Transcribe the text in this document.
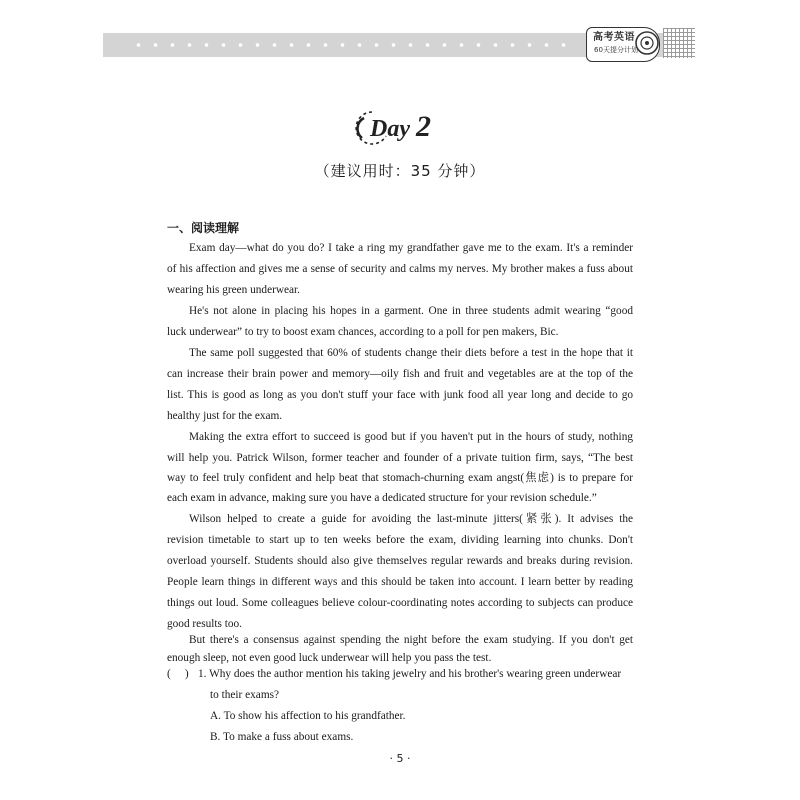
高考英语
60天提分计划
Day 2
（建议用时：35 分钟）
一、阅读理解
Exam day—what do you do? I take a ring my grandfather gave me to the exam. It's a reminder
of his affection and gives me a sense of security and calms my nerves. My brother makes a fuss about
wearing his green underwear.
He's not alone in placing his hopes in a garment. One in three students admit wearing “good
luck underwear” to try to boost exam chances, according to a poll for pen makers, Bic.
The same poll suggested that 60% of students change their diets before a test in the hope that it
can increase their brain power and memory—oily fish and fruit and vegetables are at the top of the
list. This is good as long as you don't stuff your face with junk food all year long and decide to go
healthy just for the exam.
Making the extra effort to succeed is good but if you haven't put in the hours of study, nothing
will help you. Patrick Wilson, former teacher and founder of a private tuition firm, says, “The best
way to feel truly confident and help beat that stomach-churning exam angst(焦虑) is to prepare for
each exam in advance, making sure you have a dedicated structure for your revision schedule.”
Wilson helped to create a guide for avoiding the last-minute jitters(紧张). It advises the
revision timetable to start up to ten weeks before the exam, dividing learning into chunks. Don't
overload yourself. Students should also give themselves regular rewards and breaks during revision.
People learn things in different ways and this should be taken into account. I learn better by reading
things out loud. Some colleagues believe colour-coordinating notes according to subjects can produce
good results too.
But there's a consensus against spending the night before the exam studying. If you don't get
enough sleep, not even good luck underwear will help you pass the test.
(     ) 1. Why does the author mention his taking jewelry and his brother's wearing green underwear
to their exams?
A. To show his affection to his grandfather.
B. To make a fuss about exams.
· 5 ·
